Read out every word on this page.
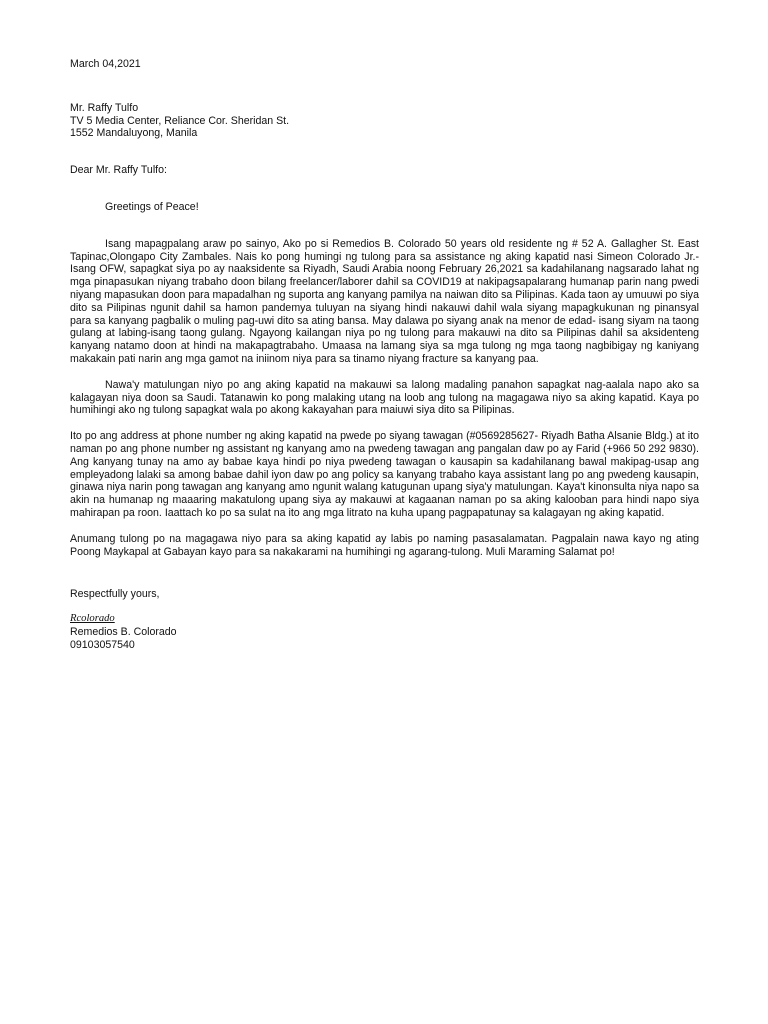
March 04,2021
Mr. Raffy Tulfo
TV 5 Media Center, Reliance Cor. Sheridan St.
1552 Mandaluyong, Manila
Dear Mr. Raffy Tulfo:
Greetings of Peace!

Isang mapagpalang araw po sainyo, Ako po si Remedios B. Colorado 50 years old residente ng # 52 A. Gallagher St. East Tapinac,Olongapo City Zambales. Nais ko pong humingi ng tulong para sa assistance ng aking kapatid nasi Simeon Colorado Jr.-Isang OFW, sapagkat siya po ay naaksidente sa Riyadh, Saudi Arabia noong February 26,2021 sa kadahilanang nagsarado lahat ng mga pinapasukan niyang trabaho doon bilang freelancer/laborer dahil sa COVID19 at nakipagsapalarang humanap parin nang pwedi niyang mapasukan doon para mapadalhan ng suporta ang kanyang pamilya na naiwan dito sa Pilipinas. Kada taon ay umuuwi po siya dito sa Pilipinas ngunit dahil sa hamon pandemya tuluyan na siyang hindi nakauwi dahil wala siyang mapagkukunan ng pinansyal para sa kanyang pagbalik o muling pag-uwi dito sa ating bansa. May dalawa po siyang anak na menor de edad- isang siyam na taong gulang at labing-isang taong gulang. Ngayong kailangan niya po ng tulong para makauwi na dito sa Pilipinas dahil sa aksidenteng kanyang natamo doon at hindi na makapagtrabaho. Umaasa na lamang siya sa mga tulong ng mga taong nagbibigay ng kaniyang makakain pati narin ang mga gamot na iniinom niya para sa tinamo niyang fracture sa kanyang paa.

Nawa'y matulungan niyo po ang aking kapatid na makauwi sa lalong madaling panahon sapagkat nag-aalala napo ako sa kalagayan niya doon sa Saudi. Tatanawin ko pong malaking utang na loob ang tulong na magagawa niyo sa aking kapatid. Kaya po humihingi ako ng tulong sapagkat wala po akong kakayahan para maiuwi siya dito sa Pilipinas.

Ito po ang address at phone number ng aking kapatid na pwede po siyang tawagan (#0569285627- Riyadh Batha Alsanie Bldg.) at ito naman po ang phone number ng assistant ng kanyang amo na pwedeng tawagan ang pangalan daw po ay Farid (+966 50 292 9830). Ang kanyang tunay na amo ay babae kaya hindi po niya pwedeng tawagan o kausapin sa kadahilanang bawal makipag-usap ang empleyadong lalaki sa among babae dahil iyon daw po ang policy sa kanyang trabaho kaya assistant lang po ang pwedeng kausapin, ginawa niya narin pong tawagan ang kanyang amo ngunit walang katugunan upang siya'y matulungan. Kaya't kinonsulta niya napo sa akin na humanap ng maaaring makatulong upang siya ay makauwi at kagaanan naman po sa aking kalooban para hindi napo siya mahirapan pa roon. Iaattach ko po sa sulat na ito ang mga litrato na kuha upang pagpapatunay sa kalagayan ng aking kapatid.

Anumang tulong po na magagawa niyo para sa aking kapatid ay labis po naming pasasalamatan. Pagpalain nawa kayo ng ating Poong Maykapal at Gabayan kayo para sa nakakarami na humihingi ng agarang-tulong. Muli Maraming Salamat po!

Respectfully yours,
Rcolorado
Remedios B. Colorado
09103057540
